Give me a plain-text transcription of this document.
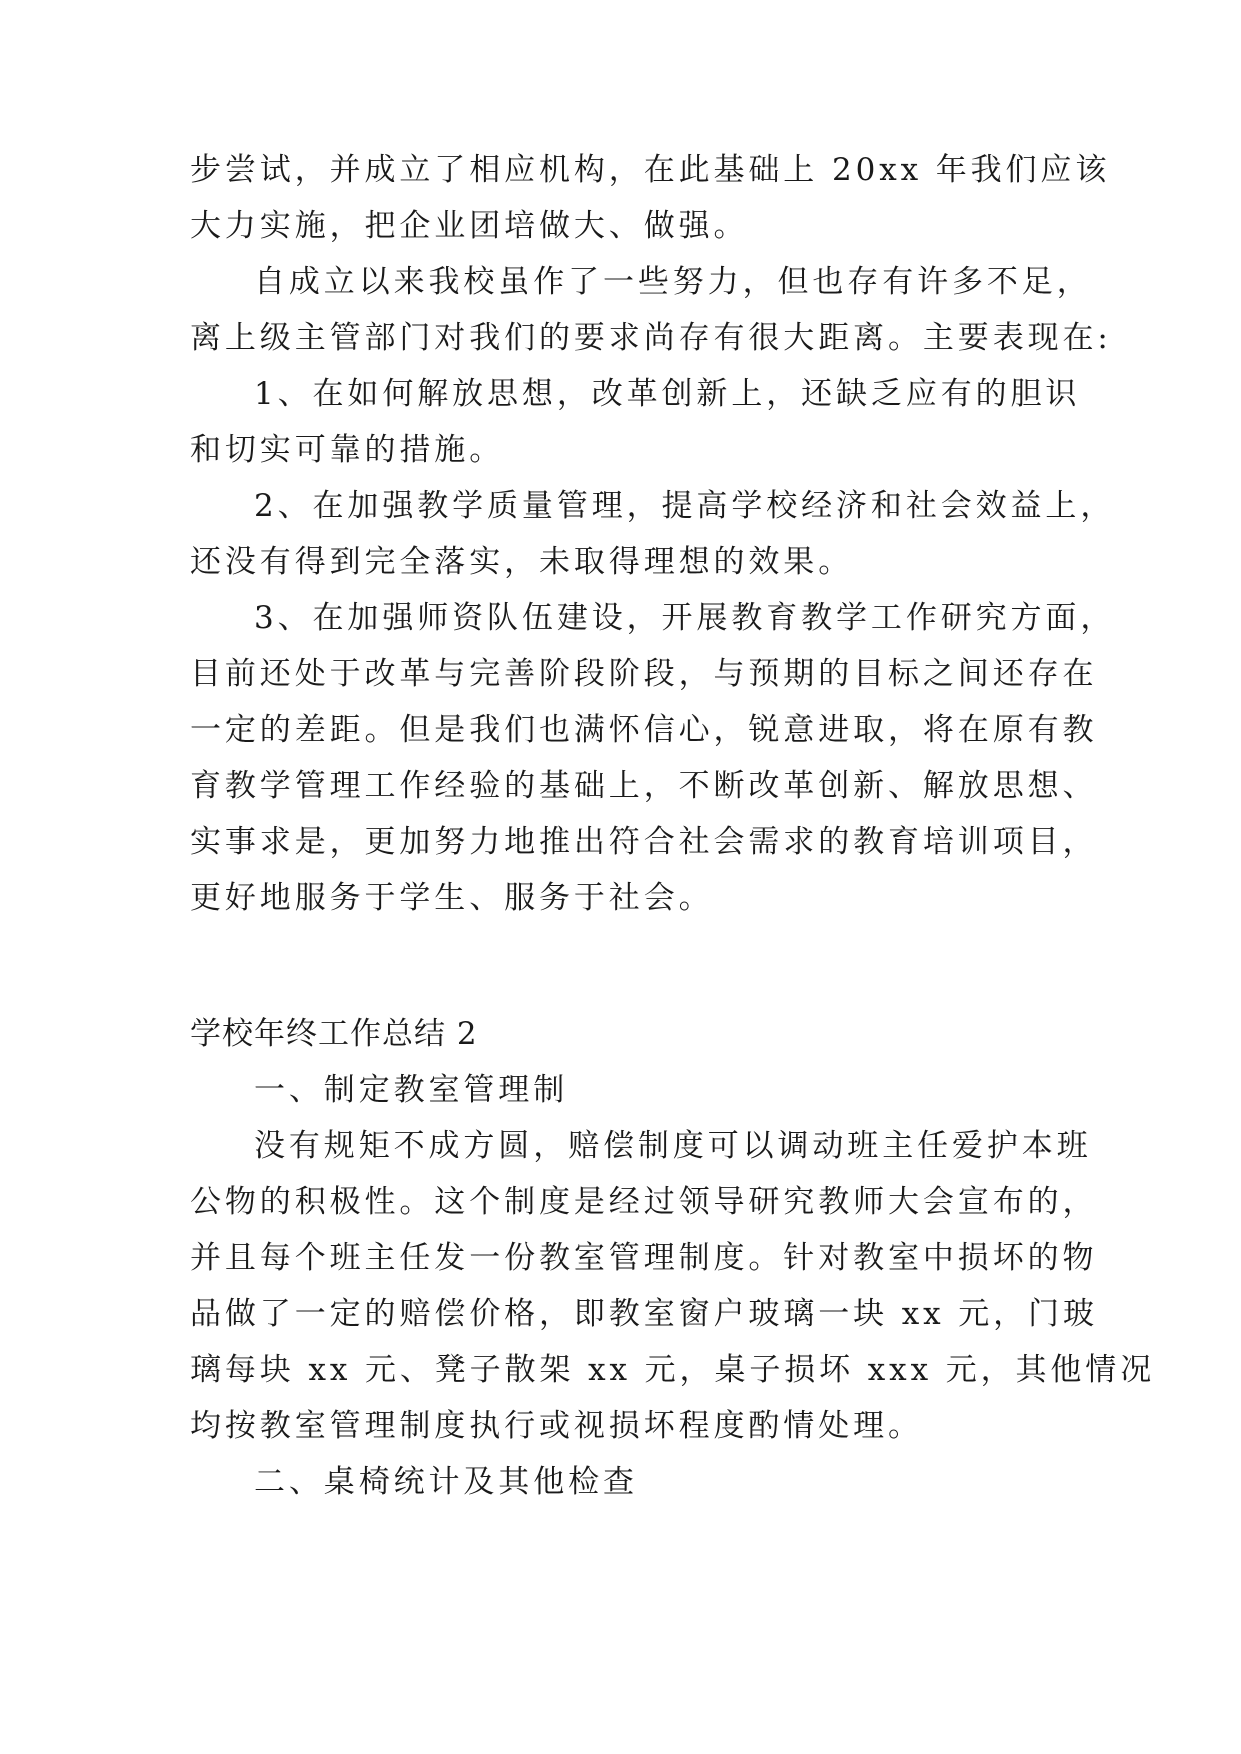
步尝试，并成立了相应机构，在此基础上 20xx 年我们应该
大力实施，把企业团培做大、做强。
自成立以来我校虽作了一些努力，但也存有许多不足，
离上级主管部门对我们的要求尚存有很大距离。主要表现在:
1、在如何解放思想，改革创新上，还缺乏应有的胆识
和切实可靠的措施。
2、在加强教学质量管理，提高学校经济和社会效益上，
还没有得到完全落实，未取得理想的效果。
3、在加强师资队伍建设，开展教育教学工作研究方面，
目前还处于改革与完善阶段阶段，与预期的目标之间还存在
一定的差距。但是我们也满怀信心，锐意进取，将在原有教
育教学管理工作经验的基础上，不断改革创新、解放思想、
实事求是，更加努力地推出符合社会需求的教育培训项目，
更好地服务于学生、服务于社会。
学校年终工作总结 2
一、制定教室管理制
没有规矩不成方圆，赔偿制度可以调动班主任爱护本班
公物的积极性。这个制度是经过领导研究教师大会宣布的，
并且每个班主任发一份教室管理制度。针对教室中损坏的物
品做了一定的赔偿价格，即教室窗户玻璃一块 xx 元，门玻
璃每块 xx 元、凳子散架 xx 元，桌子损坏 xxx 元，其他情况
均按教室管理制度执行或视损坏程度酌情处理。
二、桌椅统计及其他检查
